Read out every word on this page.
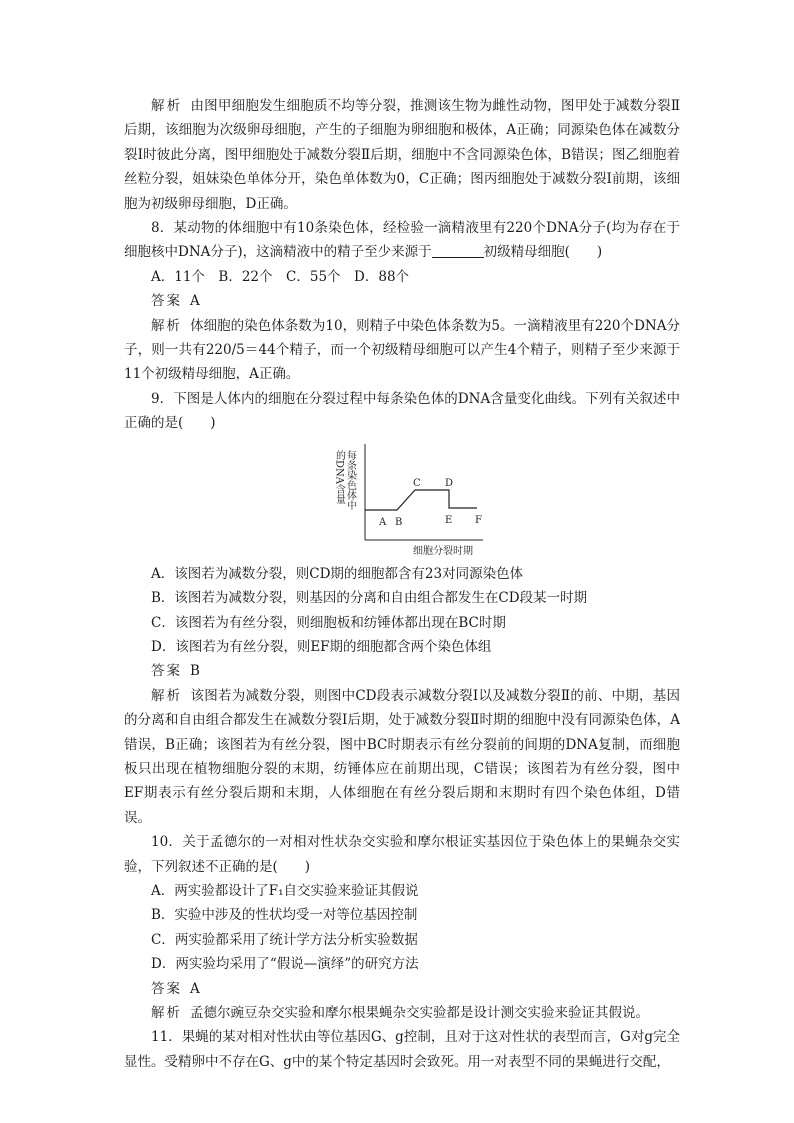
解析 由图甲细胞发生细胞质不均等分裂，推测该生物为雌性动物，图甲处于减数分裂Ⅱ后期，该细胞为次级卵母细胞，产生的子细胞为卵细胞和极体，A正确；同源染色体在减数分裂Ⅰ时彼此分离，图甲细胞处于减数分裂Ⅱ后期，细胞中不含同源染色体，B错误；图乙细胞着丝粒分裂，姐妹染色单体分开，染色单体数为0，C正确；图丙细胞处于减数分裂Ⅰ前期，该细胞为初级卵母细胞，D正确。

8．某动物的体细胞中有10条染色体，经检验一滴精液里有220个DNA分子(均为存在于细胞核中DNA分子)，这滴精液中的精子至少来源于	初级精母细胞(　　)

A．11个　B．22个　C．55个　D．88个

答案 A

解析 体细胞的染色体条数为10，则精子中染色体条数为5。一滴精液里有220个DNA分子，则一共有220/5＝44个精子，而一个初级精母细胞可以产生4个精子，则精子至少来源于11个初级精母细胞，A正确。

9．下图是人体内的细胞在分裂过程中每条染色体的DNA含量变化曲线。下列有关叙述中正确的是(　　)

每条染色体中
的DNA含量
A B
C D
E F
细胞分裂时期

A．该图若为减数分裂，则CD期的细胞都含有23对同源染色体

B．该图若为减数分裂，则基因的分离和自由组合都发生在CD段某一时期

C．该图若为有丝分裂，则细胞板和纺锤体都出现在BC时期

D．该图若为有丝分裂，则EF期的细胞都含两个染色体组

答案 B

解析 该图若为减数分裂，则图中CD段表示减数分裂Ⅰ以及减数分裂Ⅱ的前、中期，基因的分离和自由组合都发生在减数分裂Ⅰ后期，处于减数分裂Ⅱ时期的细胞中没有同源染色体，A错误，B正确；该图若为有丝分裂，图中BC时期表示有丝分裂前的间期的DNA复制，而细胞板只出现在植物细胞分裂的末期，纺锤体应在前期出现，C错误；该图若为有丝分裂，图中EF期表示有丝分裂后期和末期，人体细胞在有丝分裂后期和末期时有四个染色体组，D错误。

10．关于孟德尔的一对相对性状杂交实验和摩尔根证实基因位于染色体上的果蝇杂交实验，下列叙述不正确的是(　　)

A．两实验都设计了F₁自交实验来验证其假说

B．实验中涉及的性状均受一对等位基因控制

C．两实验都采用了统计学方法分析实验数据

D．两实验均采用了“假说—演绎”的研究方法

答案 A

解析 孟德尔豌豆杂交实验和摩尔根果蝇杂交实验都是设计测交实验来验证其假说。

11．果蝇的某对相对性状由等位基因G、g控制，且对于这对性状的表型而言，G对g完全显性。受精卵中不存在G、g中的某个特定基因时会致死。用一对表型不同的果蝇进行交配，
